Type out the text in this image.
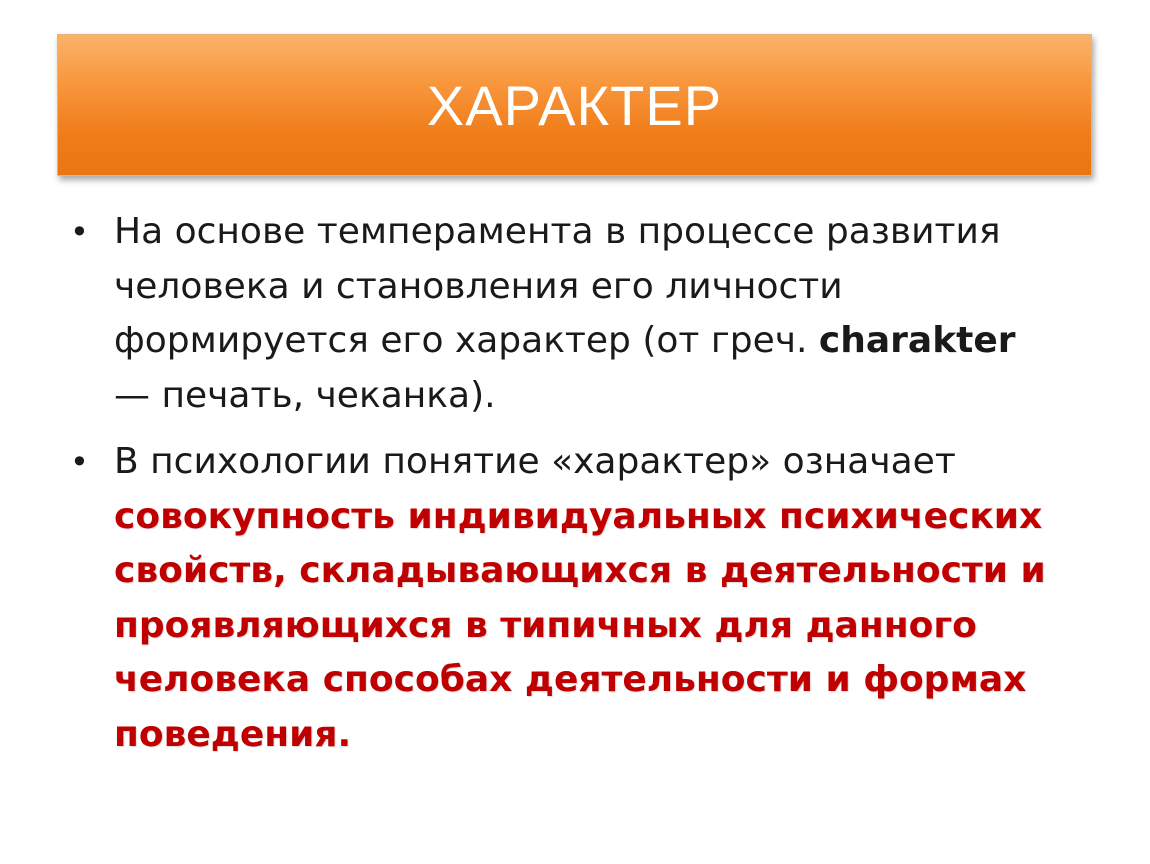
ХАРАКТЕР
• На основе темперамента в процессе развития человека и становления его личности формируется его характер (от греч. charakter — печать, чеканка).
• В психологии понятие «характер» означает совокупность индивидуальных психических свойств, складывающихся в деятельности и проявляющихся в типичных для данного человека способах деятельности и формах поведения.
